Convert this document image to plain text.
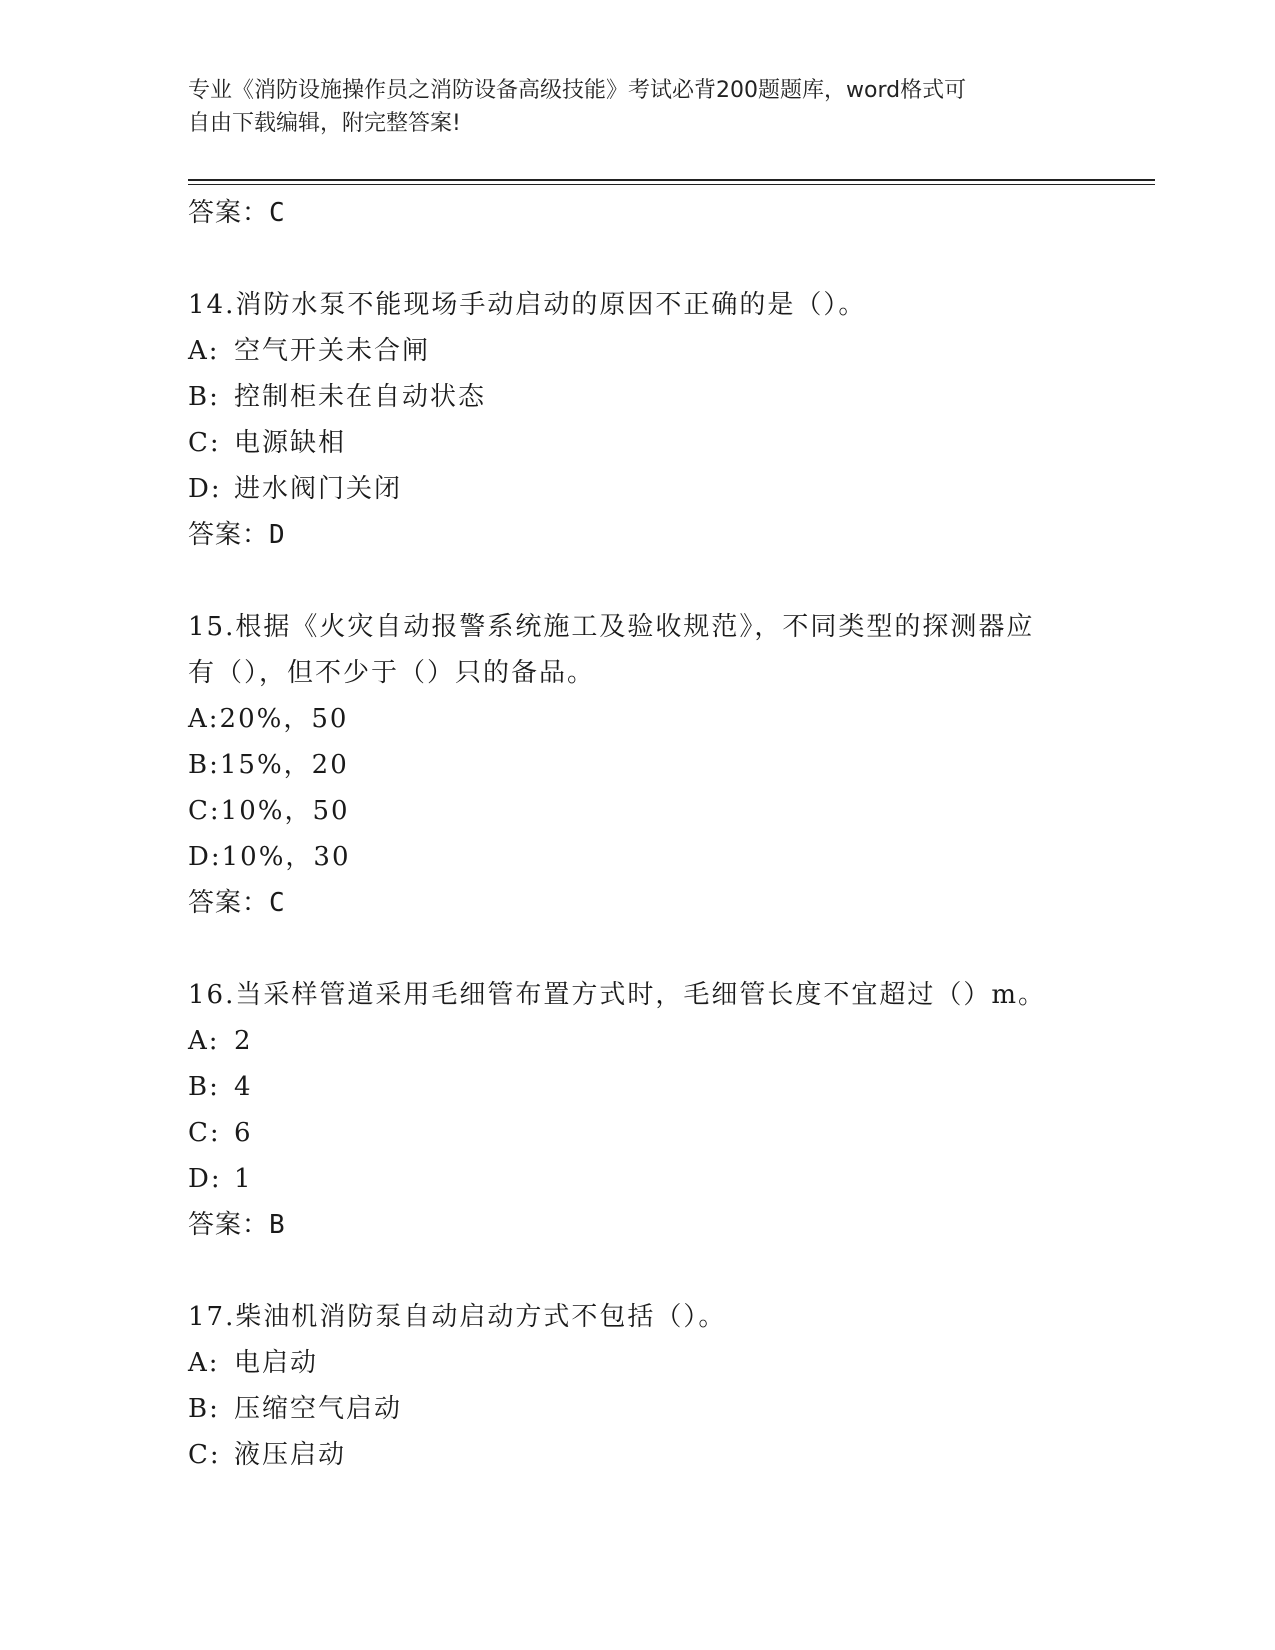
专业《消防设施操作员之消防设备高级技能》考试必背200题题库，word格式可
自由下载编辑，附完整答案!
答案：C
14.消防水泵不能现场手动启动的原因不正确的是（）。
A: 空气开关未合闸
B: 控制柜未在自动状态
C: 电源缺相
D: 进水阀门关闭
答案：D
15.根据《火灾自动报警系统施工及验收规范》，不同类型的探测器应
有（），但不少于（）只的备品。
A:20%，50
B:15%，20
C:10%，50
D:10%，30
答案：C
16.当采样管道采用毛细管布置方式时，毛细管长度不宜超过（）m。
A: 2
B: 4
C: 6
D: 1
答案：B
17.柴油机消防泵自动启动方式不包括（）。
A: 电启动
B: 压缩空气启动
C: 液压启动
